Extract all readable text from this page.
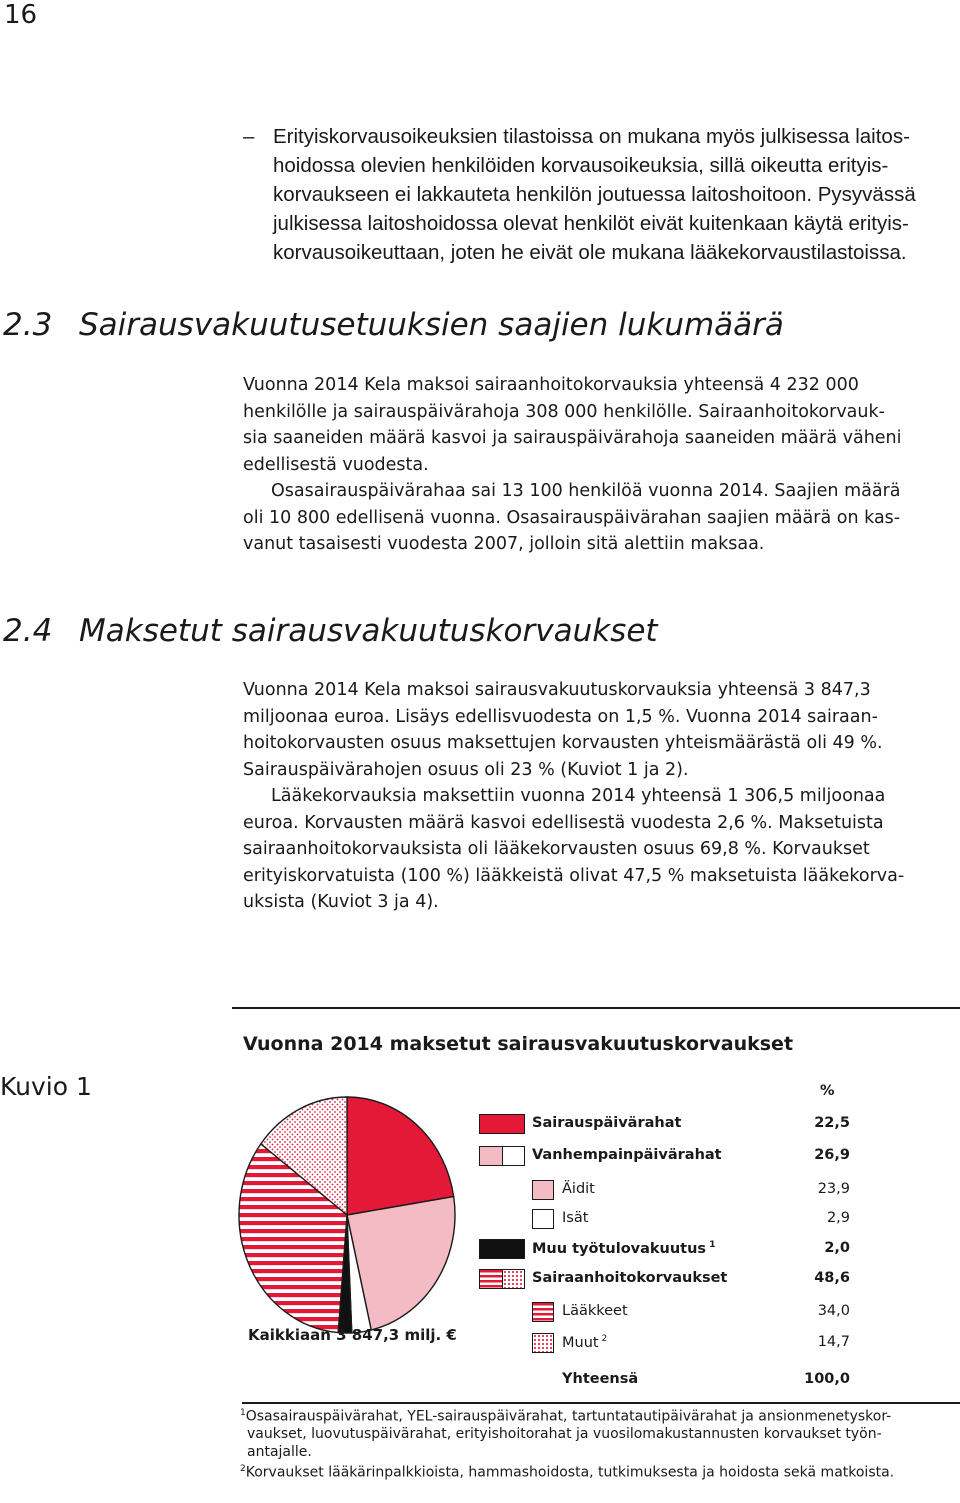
16
– Erityiskorvausoikeuksien tilastoissa on mukana myös julkisessa laitos-
hoidossa olevien henkilöiden korvausoikeuksia, sillä oikeutta erityis-
korvaukseen ei lakkauteta henkilön joutuessa laitoshoitoon. Pysyvässä
julkisessa laitoshoidossa olevat henkilöt eivät kuitenkaan käytä erityis-
korvausoikeuttaan, joten he eivät ole mukana lääkekorvaustilastoissa.
2.3 Sairausvakuutusetuuksien saajien lukumäärä
Vuonna 2014 Kela maksoi sairaanhoitokorvauksia yhteensä 4 232 000
henkilölle ja sairauspäivärahoja 308 000 henkilölle. Sairaanhoitokorvauk-
sia saaneiden määrä kasvoi ja sairauspäivärahoja saaneiden määrä väheni
edellisestä vuodesta.
Osasairauspäivärahaa sai 13 100 henkilöä vuonna 2014. Saajien määrä
oli 10 800 edellisenä vuonna. Osasairauspäivärahan saajien määrä on kas-
vanut tasaisesti vuodesta 2007, jolloin sitä alettiin maksaa.
2.4 Maksetut sairausvakuutuskorvaukset
Vuonna 2014 Kela maksoi sairausvakuutuskorvauksia yhteensä 3 847,3
miljoonaa euroa. Lisäys edellisvuodesta on 1,5 %. Vuonna 2014 sairaan-
hoitokorvausten osuus maksettujen korvausten yhteismäärästä oli 49 %.
Sairauspäivärahojen osuus oli 23 % (Kuviot 1 ja 2).
Lääkekorvauksia maksettiin vuonna 2014 yhteensä 1 306,5 miljoonaa
euroa. Korvausten määrä kasvoi edellisestä vuodesta 2,6 %. Maksetuista
sairaanhoitokorvauksista oli lääkekorvausten osuus 69,8 %. Korvaukset
erityiskorvatuista (100 %) lääkkeistä olivat 47,5 % maksetuista lääkekorva-
uksista (Kuviot 3 ja 4).
Kuvio 1
Vuonna 2014 maksetut sairausvakuutuskorvaukset
Kaikkiaan 3 847,3 milj. €
%
Sairauspäivärahat	22,5
Vanhempainpäivärahat	26,9
Äidit	23,9
Isät	2,9
Muu työtulovakuutus $^1$	2,0
Sairaanhoitokorvaukset	48,6
Lääkkeet	34,0
Muut $^2$	14,7
Yhteensä	100,0
$^1$Osasairauspäivärahat, YEL-sairauspäivärahat, tartuntatautipäivärahat ja ansionmenetyskor-
vaukset, luovutuspäivärahat, erityishoitorahat ja vuosilomakustannusten korvaukset työn-
antajalle.
$^2$Korvaukset lääkärinpalkkioista, hammashoidosta, tutkimuksesta ja hoidosta sekä matkoista.
